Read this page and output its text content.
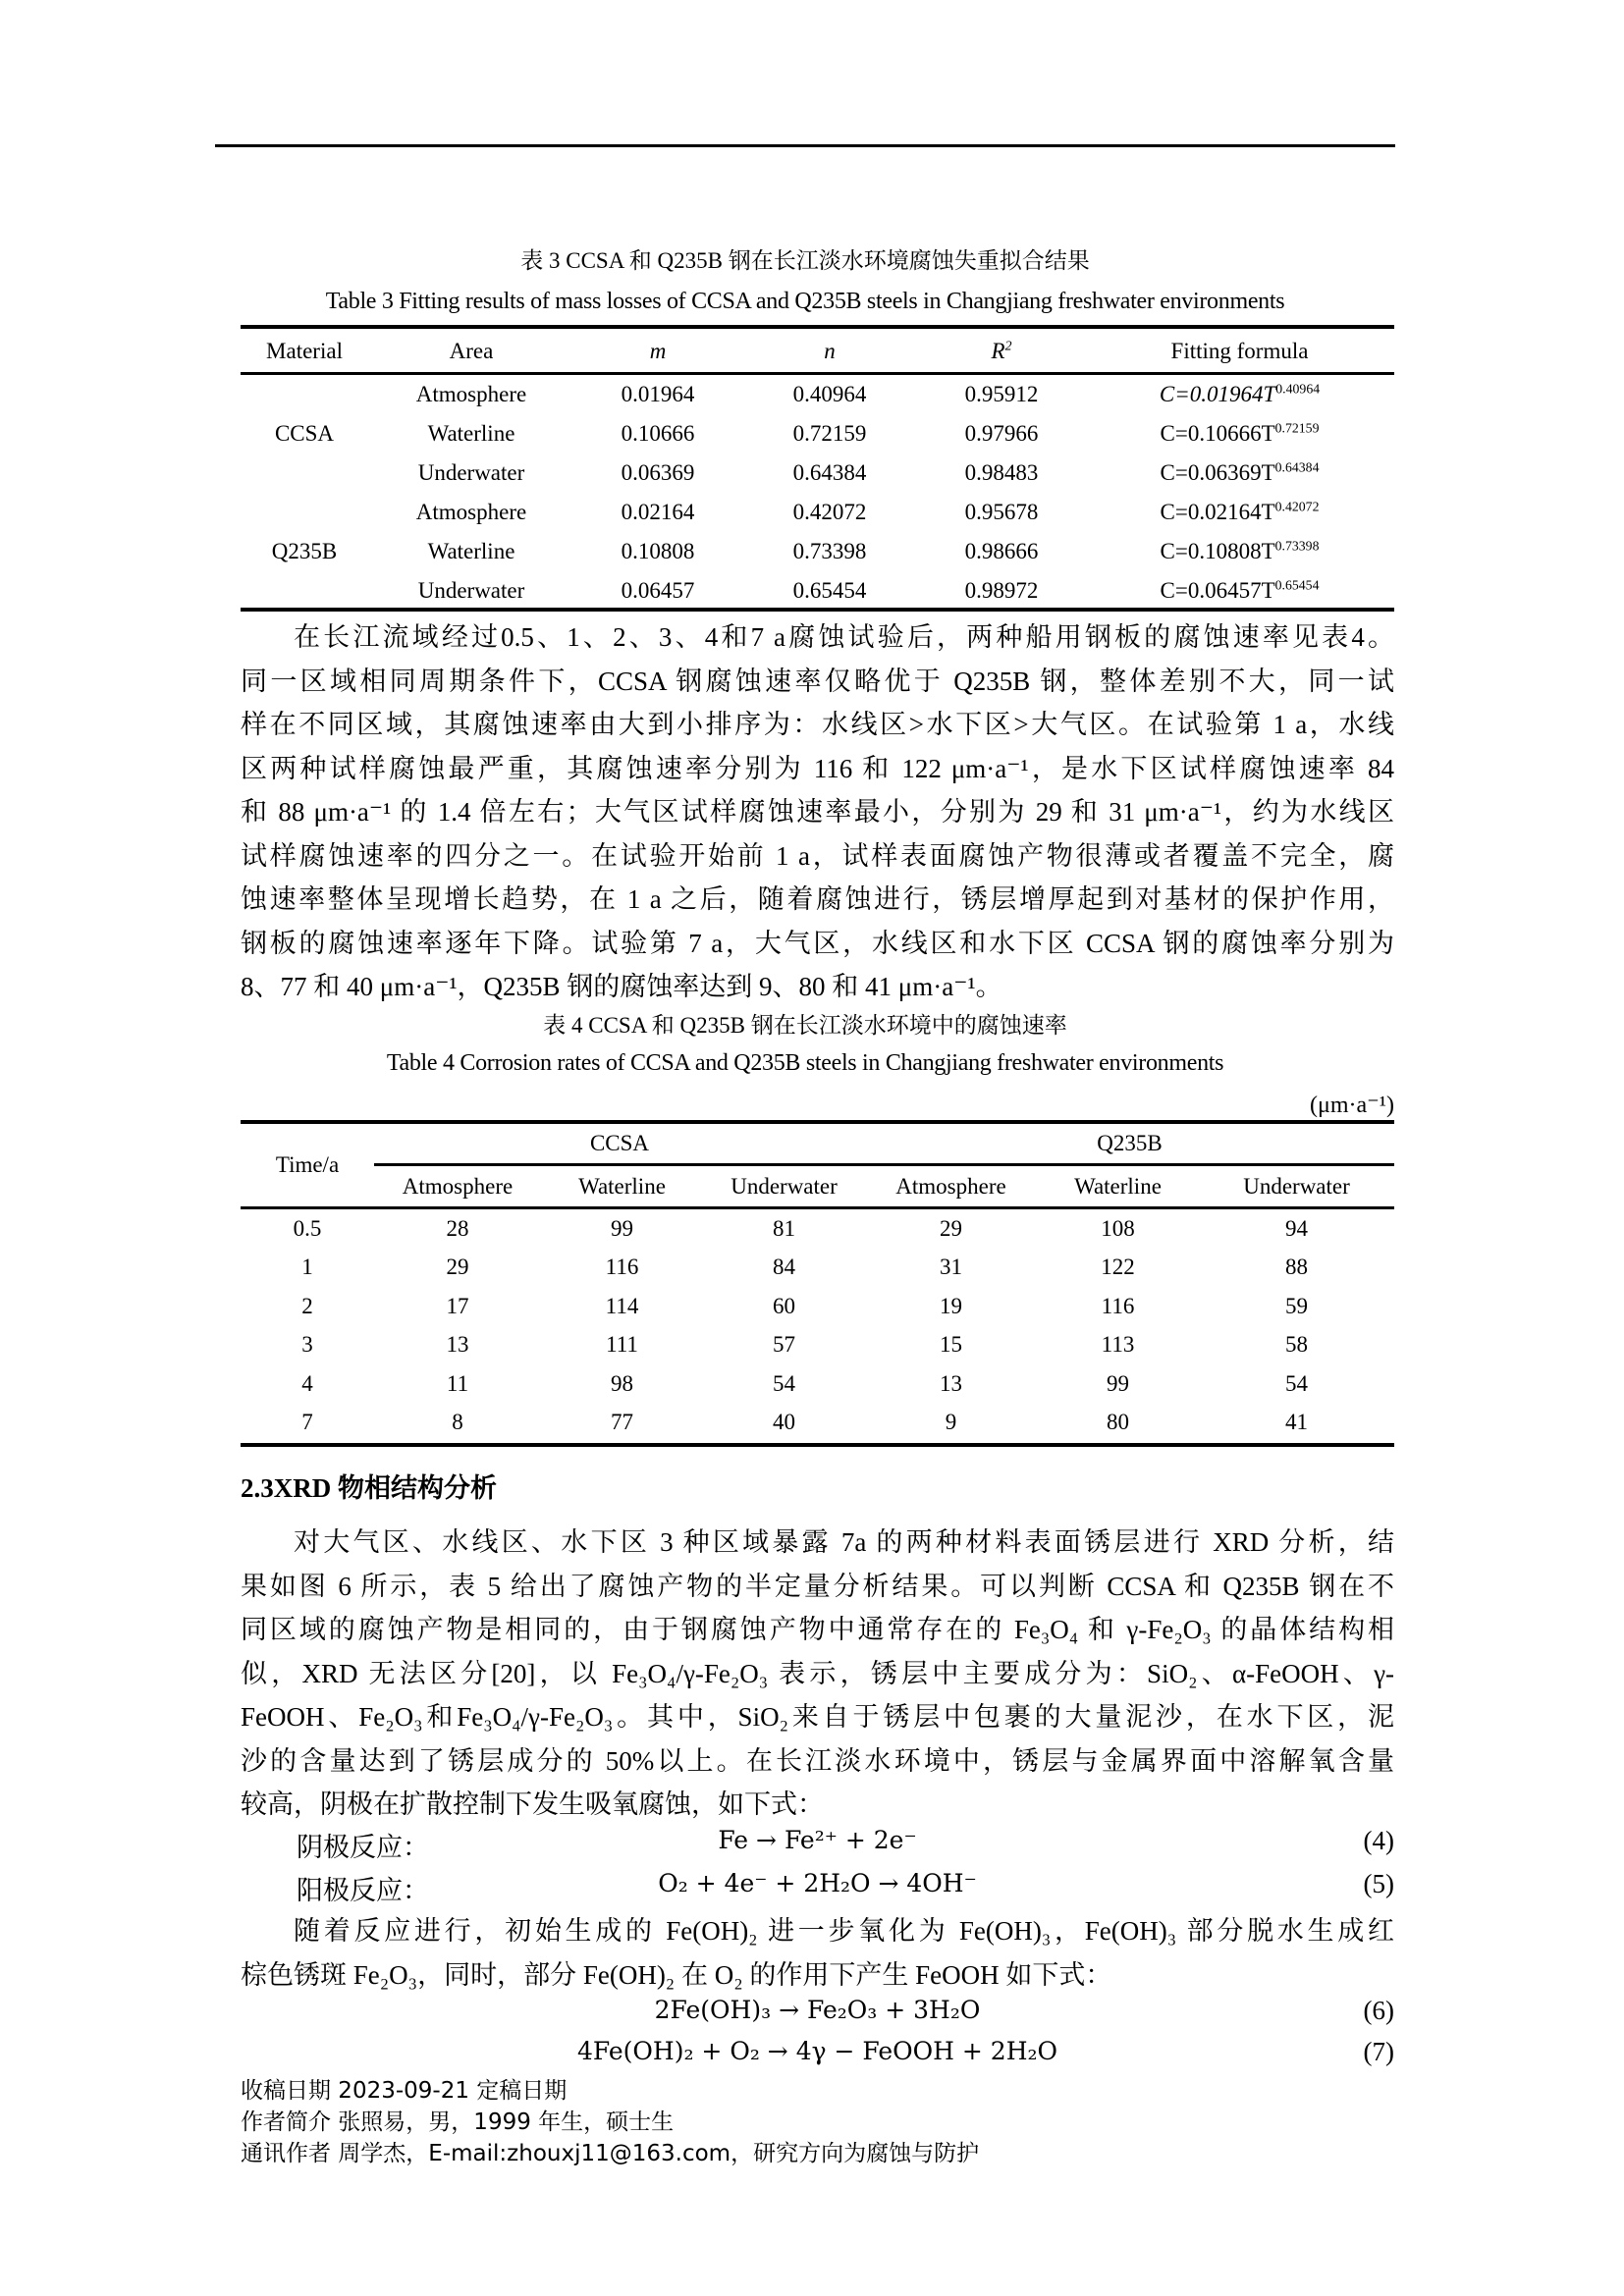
表 3 CCSA 和 Q235B 钢在长江淡水环境腐蚀失重拟合结果
Table 3 Fitting results of mass losses of CCSA and Q235B steels in Changjiang freshwater environments
Material	Area	m	n	$R^2$	Fitting formula
	Atmosphere	0.01964	0.40964	0.95912	$C=0.01964T^{0.40964}$
CCSA	Waterline	0.10666	0.72159	0.97966	$C=0.10666T^{0.72159}$
	Underwater	0.06369	0.64384	0.98483	$C=0.06369T^{0.64384}$
	Atmosphere	0.02164	0.42072	0.95678	$C=0.02164T^{0.42072}$
Q235B	Waterline	0.10808	0.73398	0.98666	$C=0.10808T^{0.73398}$
	Underwater	0.06457	0.65454	0.98972	$C=0.06457T^{0.65454}$
在长江流域经过0.5、1、2、3、4和7 a腐蚀试验后，两种船用钢板的腐蚀速率见表4。
同一区域相同周期条件下，CCSA 钢腐蚀速率仅略优于 Q235B 钢，整体差别不大，同一试
样在不同区域，其腐蚀速率由大到小排序为：水线区>水下区>大气区。在试验第 1 a，水线
区两种试样腐蚀最严重，其腐蚀速率分别为 116 和 122 μm·a⁻¹，是水下区试样腐蚀速率 84
和 88 μm·a⁻¹ 的 1.4 倍左右；大气区试样腐蚀速率最小，分别为 29 和 31 μm·a⁻¹，约为水线区
试样腐蚀速率的四分之一。在试验开始前 1 a，试样表面腐蚀产物很薄或者覆盖不完全，腐
蚀速率整体呈现增长趋势，在 1 a 之后，随着腐蚀进行，锈层增厚起到对基材的保护作用，
钢板的腐蚀速率逐年下降。试验第 7 a，大气区，水线区和水下区 CCSA 钢的腐蚀率分别为
8、77 和 40 μm·a⁻¹，Q235B 钢的腐蚀率达到 9、80 和 41 μm·a⁻¹。
表 4 CCSA 和 Q235B 钢在长江淡水环境中的腐蚀速率
Table 4 Corrosion rates of CCSA and Q235B steels in Changjiang freshwater environments
(μm·a⁻¹)
Time/a
CCSA	Q235B
Atmosphere	Waterline	Underwater	Atmosphere	Waterline	Underwater
0.5	28	99	81	29	108	94
1	29	116	84	31	122	88
2	17	114	60	19	116	59
3	13	111	57	15	113	58
4	11	98	54	13	99	54
7	8	77	40	9	80	41
2.3XRD 物相结构分析
对大气区、水线区、水下区 3 种区域暴露 7a 的两种材料表面锈层进行 XRD 分析，结
果如图 6 所示，表 5 给出了腐蚀产物的半定量分析结果。可以判断 CCSA 和 Q235B 钢在不
同区域的腐蚀产物是相同的，由于钢腐蚀产物中通常存在的 Fe₃O₄ 和 γ-Fe₂O₃ 的晶体结构相
似，XRD 无法区分[20]，以 Fe₃O₄/γ-Fe₂O₃ 表示，锈层中主要成分为：SiO₂、α-FeOOH、γ-
FeOOH、Fe₂O₃和Fe₃O₄/γ-Fe₂O₃。其中，SiO₂来自于锈层中包裹的大量泥沙，在水下区，泥
沙的含量达到了锈层成分的 50%以上。在长江淡水环境中，锈层与金属界面中溶解氧含量
较高，阴极在扩散控制下发生吸氧腐蚀，如下式：
阴极反应：	Fe → Fe²⁺ + 2e⁻	(4)
阳极反应：	O₂ + 4e⁻ + 2H₂O → 4OH⁻	(5)
随着反应进行，初始生成的 Fe(OH)₂ 进一步氧化为 Fe(OH)₃，Fe(OH)₃ 部分脱水生成红
棕色锈斑 Fe₂O₃，同时，部分 Fe(OH)₂ 在 O₂ 的作用下产生 FeOOH 如下式：
2Fe(OH)₃ → Fe₂O₃ + 3H₂O	(6)
4Fe(OH)₂ + O₂ → 4γ − FeOOH + 2H₂O	(7)
收稿日期 2023-09-21 定稿日期
作者简介 张照易，男，1999 年生，硕士生
通讯作者 周学杰，E-mail:zhouxj11@163.com，研究方向为腐蚀与防护
